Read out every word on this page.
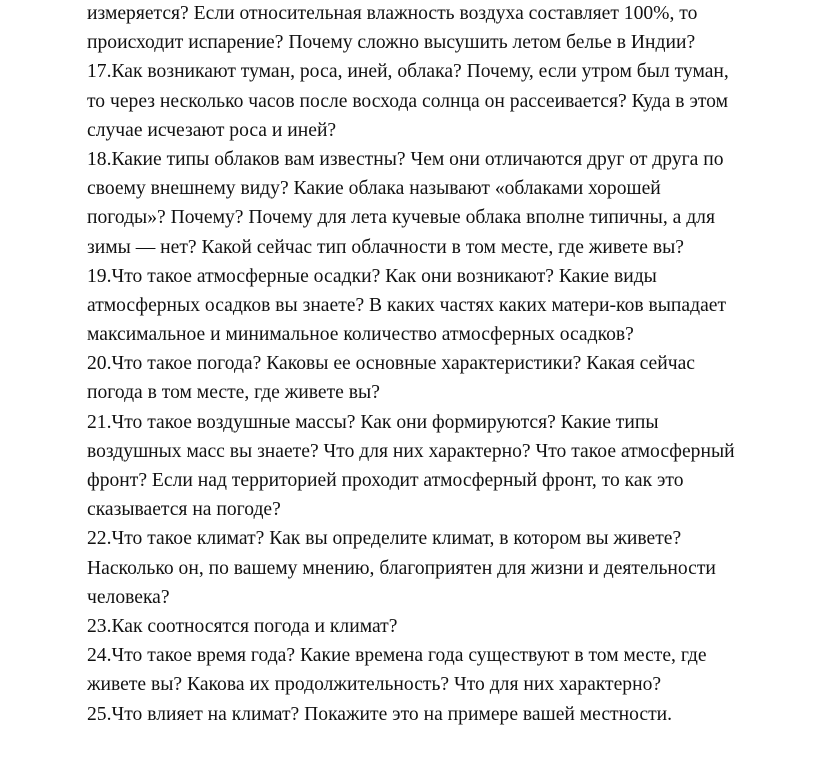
измеряется? Если относительная влажность воздуха составляет 100%, то
происходит испарение? Почему сложно высушить летом белье в Индии?
17.Как возникают туман, роса, иней, облака? Почему, если утром был туман,
то через несколько часов после восхода солнца он рассеивается? Куда в этом
случае исчезают роса и иней?
18.Какие типы облаков вам известны? Чем они отличаются друг от друга по
своему внешнему виду? Какие облака называют «облаками хорошей
погоды»? Почему? Почему для лета кучевые облака вполне типичны, а для
зимы — нет? Какой сейчас тип облачности в том месте, где живете вы?
19.Что такое атмосферные осадки? Как они возникают? Какие виды
атмосферных осадков вы знаете? В каких частях каких матери-ков выпадает
максимальное и минимальное количество атмосферных осадков?
20.Что такое погода? Каковы ее основные характеристики? Какая сейчас
погода в том месте, где живете вы?
21.Что такое воздушные массы? Как они формируются? Какие типы
воздушных масс вы знаете? Что для них характерно? Что такое атмосферный
фронт? Если над территорией проходит атмосферный фронт, то как это
сказывается на погоде?
22.Что такое климат? Как вы определите климат, в котором вы живете?
Насколько он, по вашему мнению, благоприятен для жизни и деятельности
человека?
23.Как соотносятся погода и климат?
24.Что такое время года? Какие времена года существуют в том месте, где
живете вы? Какова их продолжительность? Что для них характерно?
25.Что влияет на климат? Покажите это на примере вашей местности.
